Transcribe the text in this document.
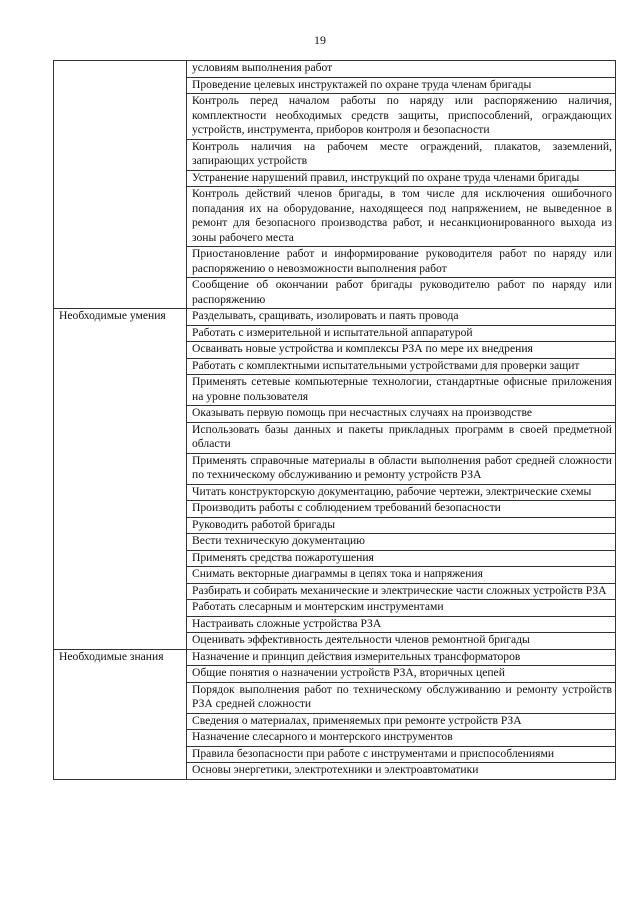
19
	условиям выполнения работ
	Проведение целевых инструктажей по охране труда членам бригады
	Контроль перед началом работы по наряду или распоряжению наличия, комплектности необходимых средств защиты, приспособлений, ограждающих устройств, инструмента, приборов контроля и безопасности
	Контроль наличия на рабочем месте ограждений, плакатов, заземлений, запирающих устройств
	Устранение нарушений правил, инструкций по охране труда членами бригады
	Контроль действий членов бригады, в том числе для исключения ошибочного попадания их на оборудование, находящееся под напряжением, не выведенное в ремонт для безопасного производства работ, и несанкционированного выхода из зоны рабочего места
	Приостановление работ и информирование руководителя работ по наряду или распоряжению о невозможности выполнения работ
	Сообщение об окончании работ бригады руководителю работ по наряду или распоряжению

Необходимые умения	Разделывать, сращивать, изолировать и паять провода
	Работать с измерительной и испытательной аппаратурой
	Осваивать новые устройства и комплексы РЗА по мере их внедрения
	Работать с комплектными испытательными устройствами для проверки защит
	Применять сетевые компьютерные технологии, стандартные офисные приложения на уровне пользователя
	Оказывать первую помощь при несчастных случаях на производстве
	Использовать базы данных и пакеты прикладных программ в своей предметной области
	Применять справочные материалы в области выполнения работ средней сложности по техническому обслуживанию и ремонту устройств РЗА
	Читать конструкторскую документацию, рабочие чертежи, электрические схемы
	Производить работы с соблюдением требований безопасности
	Руководить работой бригады
	Вести техническую документацию
	Применять средства пожаротушения
	Снимать векторные диаграммы в цепях тока и напряжения
	Разбирать и собирать механические и электрические части сложных устройств РЗА
	Работать слесарным и монтерским инструментами
	Настраивать сложные устройства РЗА
	Оценивать эффективность деятельности членов ремонтной бригады

Необходимые знания	Назначение и принцип действия измерительных трансформаторов
	Общие понятия о назначении устройств РЗА, вторичных цепей
	Порядок выполнения работ по техническому обслуживанию и ремонту устройств РЗА средней сложности
	Сведения о материалах, применяемых при ремонте устройств РЗА
	Назначение слесарного и монтерского инструментов
	Правила безопасности при работе с инструментами и приспособлениями
	Основы энергетики, электротехники и электроавтоматики
